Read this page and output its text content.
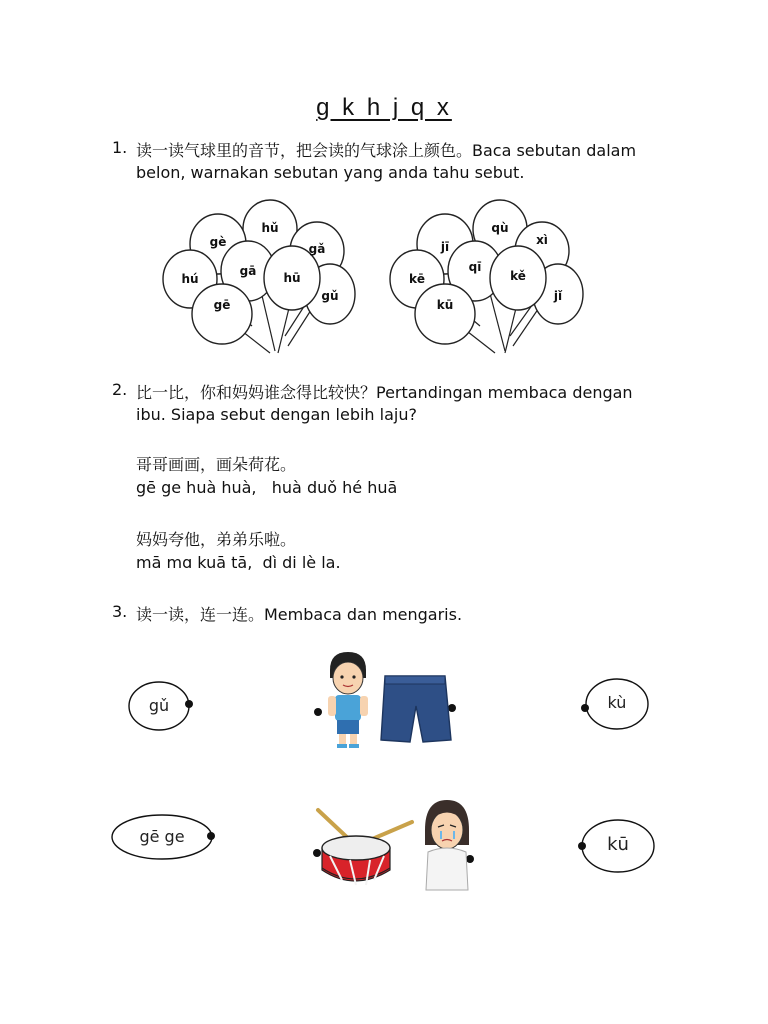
g k h j q x
1. 读一读气球里的音节，把会读的气球涂上颜色。Baca sebutan dalam
belon, warnakan sebutan yang anda tahu sebut.
hǔ
gè	gǎ
hú
gā hū
gē
gǔ
qù
jī	xì
qī
kē	kě
jǐ
kū
2. 比一比，你和妈妈谁念得比较快？Pertandingan membaca dengan
ibu. Siapa sebut dengan lebih laju?
哥哥画画，画朵荷花。
gē ge huà huà,   huà duǒ hé huā
妈妈夸他，弟弟乐啦。
mā mɑ kuā tā,  dì di lè la.
3. 读一读，连一连。Membaca dan mengaris.
gǔ
gē ge
kù
kū
